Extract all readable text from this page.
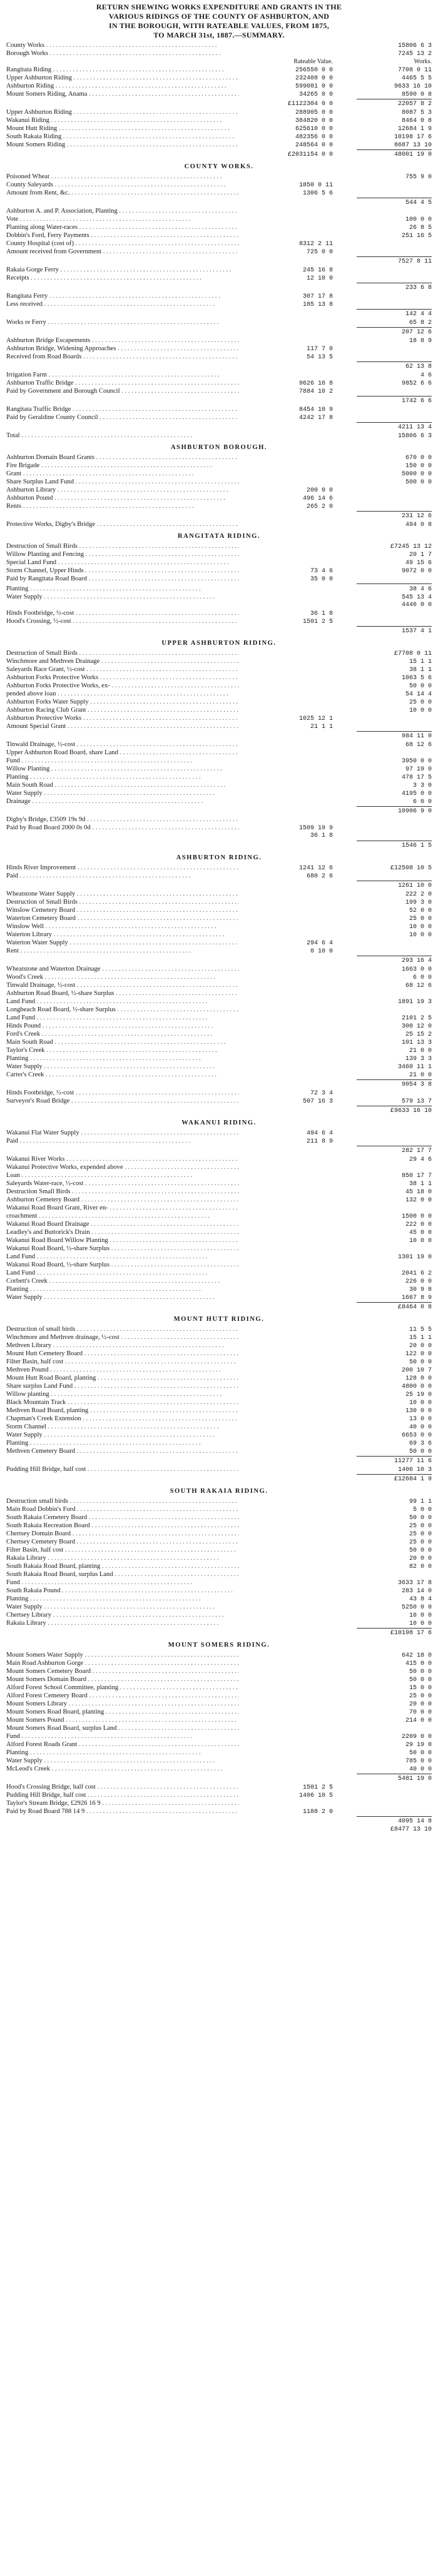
RETURN SHEWING WORKS EXPENDITURE AND GRANTS IN THE
VARIOUS RIDINGS OF THE COUNTY OF ASHBURTON, AND
IN THE BOROUGH, WITH RATEABLE VALUES, FROM 1875,
TO MARCH 31st, 1887.—SUMMARY.
County Works . .	15806 6 3
Borough Works . .	7245 13 2
Rateable Value.	Works.
Rangitata Riding . .	256550 0 0	7708 0 11
Upper Ashburton Riding . .	232408 0 0	4465 5 5
Ashburton Riding . .	599081 0 0	9633 16 10
Mount Somers Riding, Anama . .	34265 0 0	8590 0 8
£1122304 0 0	22057 8 2
Upper Ashburton Riding . .	288905 0 0	8087 5 3
Wakanui Riding . .	384820 0 0	8464 0 8
Mount Hutt Riding . .	625610 0 0	12684 1 9
South Rakaia Riding . .	482356 0 0	10198 17 6
Mount Somers Riding . .	248564 0 0	8687 13 10
£2031154 0 0	48001 19 0
COUNTY WORKS.
Poisoned Wheat . .	755 9 0
County Saleyards . .	1850 0 11
Amount from Rent, &c. . .	1306 5 6
544 4 5
Ashburton A. and P. Association, Planting . .
Vote . .	100 0 0
Planting along Water-races . .	26 8 5
Dobbin's Ford, Ferry Payments . .	251 16 5
County Hospital (cost of) . .	8312 2 11
Amount received from Government . .	725 0 0
7527 8 11
Rakaia Gorge Ferry . .	245 16 8
Receipts . .	12 10 0
233 6 8
Rangitata Ferry . .	307 17 8
Less received . .	185 13 8
142 4 4
Works re Ferry . .	65 8 2
207 12 6
Ashburton Bridge Escapements . .	18 8 9
Ashburton Bridge, Widening Approaches . .	117 7 0
Received from Road Boards . .	54 13 5
62 13 8
Irrigation Farm . .	4 6
Ashburton Traffic Bridge . .	9626 16 8	9852 6 6
Paid by Government and Borough Council . .	7884 10 2
1742 6 6
Rangitata Traffic Bridge . .	8454 10 9
Paid by Geraldine County Council . .	4242 17 8
4211 13 4
Total . .	15806 6 3
ASHBURTON BOROUGH.
Ashburton Domain Board Grants . .	670 0 0
Fire Brigade . .	150 0 0
Grant . .	5000 0 0
Share Surplus Land Fund . .	500 0 0
Ashburton Library . .	200 0 0
Ashburton Pound . .	496 14 6
Rents . .	265 2 0
231 12 6
Protective Works, Digby's Bridge . .	494 0 8
RANGITATA RIDING.
Destruction of Small Birds . .	£7245 13 12
Willow Planting and Fencing . .	20 1 7
Special Land Fund . .	49 15 6
Storm Channel, Upper Hinds . .	73 4 6	9072 0 0
Paid by Rangitata Road Board . .	35 0 0
Planting . .	38 4 6
Water Supply . .	545 13 4
4446 0 0
Hinds Footbridge, ½-cost . .	36 1 8
Hood's Crossing, ½-cost . .	1501 2 5
1537 4 1
UPPER ASHBURTON RIDING.
Destruction of Small Birds . .	£7708 0 11
Winchmore and Methven Drainage . .	15 1 1
Saleyards Race Grant, ½-cost . .	38 1 1
Ashburton Forks Protective Works . .	1063 5 6
Ashburton Forks Protective Works, ex- . .	50 0 0
pended above loan . .	54 14 4
Ashburton Forks Water Supply . .	25 0 0
Ashburton Racing Club Grant . .	10 0 0
Ashburton Protective Works . .	1025 12 1
Amount Special Grant . .	21 1 1
984 11 0
Tinwald Drainage, ½-cost . .	68 12 6
Upper Ashburton Road Board, share Land . .
Fund . .	3950 0 0
Willow Planting . .	97 19 0
Planting . .	478 17 5
Main South Road . .	3 3 0
Water Supply . .	4195 0 0
Drainage . .	6 0 0
10906 9 0
Digby's Bridge, £3509 19s 9d . .
Paid by Road Board 2000 0s 0d . .	1509 19 9
36 1 8
1546 1 5
ASHBURTON RIDING.
Hinds River Improvement . .	1241 12 6	£12508 10 5
Paid . .	680 2 6
1261 10 0
Wheatstone Water Supply . .	222 2 0
Destruction of Small Birds . .	199 3 0
Winslow Cemetery Board . .	52 0 0
Waterton Cemetery Board . .	25 0 0
Winslow Well . .	10 0 0
Waterton Library . .	10 0 0
Waterton Water Supply . .	294 6 4
Rent . .	0 10 0
293 16 4
Wheatstone and Waterton Drainage . .	1663 0 0
Wood's Creek . .	6 0 0
Tinwald Drainage, ½-cost . .	68 12 6
Ashburton Road Board, ½-share Surplus . .
Land Fund . .	1891 19 3
Longbeach Road Board, ½-share Surplus . .
Land Fund . .	2101 2 5
Hinds Pound . .	300 12 0
Ford's Creek . .	25 15 2
Main South Road . .	101 13 3
Taylor's Creek . .	21 0 0
Planting . .	139 3 3
Water Supply . .	3460 11 1
Carter's Creek . .	21 0 0
9054 3 8
Hinds Footbridge, ½-cost . .	72 3 4
Surveyor's Road Bridge . .	507 16 3	579 13 7
£9633 16 10
WAKANUI RIDING.
Wakanui Flat Water Supply . .	494 6 4
Paid . .	211 8 9
282 17 7
Wakanui River Works . .	29 4 6
Wakanui Protective Works, expended above . .
Loan . .	850 17 7
Saleyards Water-race, ½-cost . .	38 1 1
Destruction Small Birds . .	45 18 0
Ashburton Cemetery Board . .	132 0 0
Wakanui Road Board Grant, River en- . .
croachment . .	1500 0 0
Wakanui Road Board Drainage . .	222 0 0
Leadley's and Buttorick's Drain . .	45 0 0
Wakanui Road Board Willow Planting . .	10 0 0
Wakanui Road Board, ½-share Surplus . .
Land Fund . .	1301 19 0
Wakanui Road Board, ½-share Surplus . .
Land Fund . .	2041 6 2
Corbett's Creek . .	226 0 0
Planting . .	30 9 8
Water Supply . .	1667 8 9
£8464 0 8
MOUNT HUTT RIDING.
Destruction of small birds . .	11 5 5
Winchmore and Methven drainage, ½-cost . .	15 1 1
Methven Library . .	20 0 0
Mount Hutt Cemetery Board . .	122 0 0
Filter Basin, half cost . .	50 0 0
Methven Pound . .	200 10 7
Mount Hutt Road Board, planting . .	128 0 0
Share surplus Land Fund . .	4800 0 0
Willow planting . .	25 19 0
Black Mountain Track . .	10 0 0
Methven Road Board, planting . .	130 0 0
Chapman's Creek Extension . .	13 0 0
Storm Channel . .	40 0 0
Water Supply . .	6653 0 0
Planting . .	69 3 6
Methven Cemetery Board . .	50 0 0
11277 11 6
Pudding Hill Bridge, half cost . .	1406 10 3
£12684 1 9
SOUTH RAKAIA RIDING.
Destruction small birds . .	99 1 1
Main Road Dobbin's Ford . .	5 0 0
South Rakaia Cemetery Board . .	50 0 0
South Rakaia Recreation Board . .	25 0 0
Chertsey Domain Board . .	25 0 0
Chertsey Cemetery Board . .	25 0 0
Filter Basin, half cost . .	50 0 0
Rakaia Library . .	20 0 0
South Rakaia Road Board, planting . .	82 0 0
South Rakaia Road Board, surplus Land . .
Fund . .	3633 17 8
South Rakaia Pound . .	283 14 0
Planting . .	43 8 4
Water Supply . .	5250 0 0
Chertsey Library . .	10 0 0
Rakaia Library . .	10 0 0
£10198 17 6
MOUNT SOMERS RIDING.
Mount Somers Water Supply . .	642 18 0
Main Road Ashburton Gorge . .	415 0 0
Mount Somers Cemetery Board . .	50 0 0
Mount Somers Domain Board . .	50 0 0
Alford Forest School Committee, planting . .	15 0 0
Alford Forest Cemetery Board . .	25 0 0
Mount Somers Library . .	20 0 0
Mount Somers Road Board, planting . .	70 0 0
Mount Somers Pound . .	214 0 0
Mount Somers Road Board, surplus Land . .
Fund . .	2209 0 0
Alford Forest Roads Grant . .	29 19 0
Planting . .	50 0 0
Water Supply . .	785 0 0
McLeod's Creek . .	40 0 0
5481 19 0
Hood's Crossing Bridge, half cost . .	1501 2 5
Pudding Hill Bridge, half cost . .	1406 10 5
Taylor's Stream Bridge, £2926 16 9 . .
Paid by Road Board 788 14 9 . .	1188 2 0
4095 14 8
£8477 13 10
